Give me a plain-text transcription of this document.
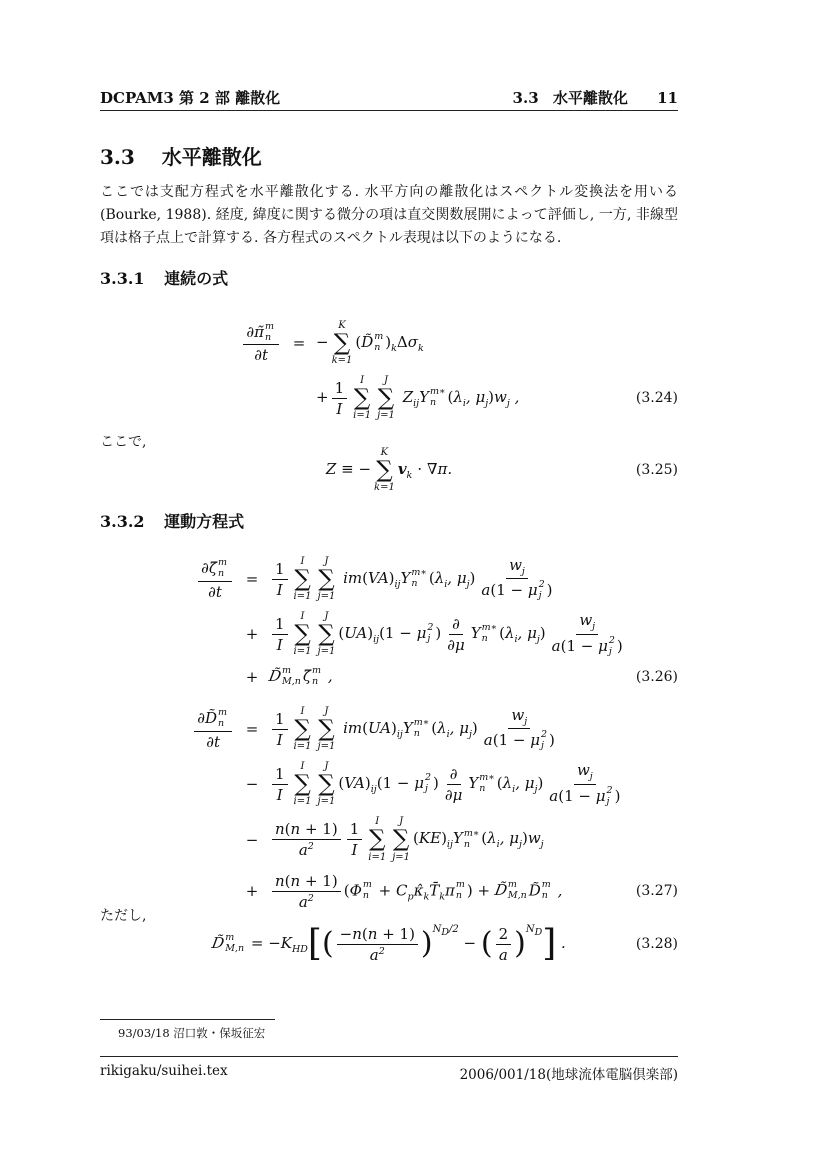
DCPAM3 第 2 部 離散化	3.3 水平離散化 11
3.3 水平離散化
ここでは支配方程式を水平離散化する. 水平方向の離散化はスペクトル変換法を用いる (Bourke, 1988). 経度, 緯度に関する微分の項は直交関数展開によって評価し, 一方, 非線型項は格子点上で計算する. 各方程式のスペクトル表現は以下のようになる.
3.3.1 連続の式
∂π̃ m
n
∂t = −
K
∑
k=1
(D̃ m
n )$_k\Delta\sigma_k$
+ $\frac{1}{I}$ I
∑
i=1
J
∑
j=1
$Z_{ij}Y$ m∗
n ($\lambda_i$, $\mu_j)w_j$ ,	(3.24)
ここで,
Z ≡ −
K
∑
k=1
$v_k \cdot \nabla\pi$.	(3.25)
3.3.2 運動方程式
∂ζ̃ m
n
$\partial t = \frac{1}{I}$ I
∑
i=1
J
∑
j=1
$im(VA)_{ij}Y$ m∗
n ($\lambda_i$, $\mu_j$) $w_j$
a(1 − μ 2
j )
+ $\frac{1}{I}$ I
∑
i=1
J
∑
j=1
$(UA)_{ij}(1 - \mu$ 2
j )
∂
∂μ
Y m∗
n ($\lambda_i$, $\mu_j$) $w_j$
a(1 − μ 2
j )
+ D̃ m
M,n ζ̃ m
n ,	(3.26)
∂D̃ m
n
$\partial t = \frac{1}{I}$ I
∑
i=1
J
∑
j=1
$im(UA)_{ij}Y$ m∗
n ($\lambda_i$, $\mu_j$) $w_j$
a(1 − μ 2
j )
− $\frac{1}{I}$ I
∑
i=1
J
∑
j=1
$(VA)_{ij}(1 - \mu$ 2
j )
∂
∂μ
Y m∗
n ($\lambda_i$, $\mu_j$) $w_j$
a(1 − μ 2
j )
− $\frac{n(n + 1)}{a^2} \frac{1}{I}$ I
∑
i=1
J
∑
j=1
$(KE)_{ij}Y$ m∗
n ($\lambda_i$, $\mu_j)w_j$
+ $\frac{n(n + 1)}{a^2} (\Phi$ m
$n + C_p\kappâ_kT̄_k\pi$ m
n ) + D̃ m
M,n D̃ m
n ,	(3.27)
ただし,
D̃ m
$M,n = -K_{HD}[( \frac{-n(n + 1)}{a^2} )^{N_D/2}$ − ( $\frac{2}{a} )^{N_D}$] .	(3.28)
93/03/18 沼口敦・保坂征宏
rikigaku/suihei.tex	2006/001/18(地球流体電脳倶楽部)
